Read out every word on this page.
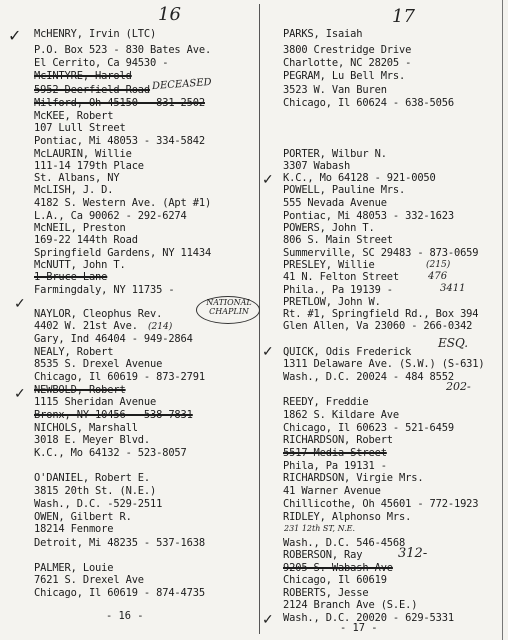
16	17
✓
✓
✓
✓
✓
✓
McHENRY, Irvin (LTC)
P.O. Box 523 - 830 Bates Ave.
El Cerrito, Ca 94530 -
McINTYRE, Harold
5952 Deerfield Road
Milford, Oh 45150 - 831-2502
McKEE, Robert
107 Lull Street
Pontiac, Mi 48053 - 334-5842
McLAURIN, Willie
111-14 179th Place
St. Albans, NY
McLISH, J. D.
4182 S. Western Ave. (Apt #1)
L.A., Ca 90062 - 292-6274
McNEIL, Preston
169-22 144th Road
Springfield Gardens, NY 11434
McNUTT, John T.
1 Bruce Lane
Farmingdaly, NY 11735 -
NAYLOR, Cleophus Rev.
4402 W. 21st Ave.
Gary, Ind 46404 - 949-2864
NEALY, Robert
8535 S. Drexel Avenue
Chicago, Il 60619 - 873-2791
NEWBOLD, Robert
1115 Sheridan Avenue
Bronx, NY 10456 - 538-7831
NICHOLS, Marshall
3018 E. Meyer Blvd.
K.C., Mo 64132 - 523-8057
O'DANIEL, Robert E.
3815 20th St. (N.E.)
Wash., D.C. -529-2511
OWEN, Gilbert R.
18214 Fenmore
Detroit, Mi 48235 - 537-1638
PALMER, Louie
7621 S. Drexel Ave
Chicago, Il 60619 - 874-4735
PARKS, Isaiah
3800 Crestridge Drive
Charlotte, NC 28205 -
PEGRAM, Lu Bell Mrs.
3523 W. Van Buren
Chicago, Il 60624 - 638-5056
PORTER, Wilbur N.
3307 Wabash
K.C., Mo 64128 - 921-0050
POWELL, Pauline Mrs.
555 Nevada Avenue
Pontiac, Mi 48053 - 332-1623
POWERS, John T.
806 S. Main Street
Summerville, SC 29483 - 873-0659
PRESLEY, Willie
41 N. Felton Street
Phila., Pa 19139 -
PRETLOW, John W.
Rt. #1, Springfield Rd., Box 394
Glen Allen, Va 23060 - 266-0342
QUICK, Odis Frederick
1311 Delaware Ave. (S.W.) (S-631)
Wash., D.C. 20024 - 484 8552
REEDY, Freddie
1862 S. Kildare Ave
Chicago, Il 60623 - 521-6459
RICHARDSON, Robert
5517 Media Street
Phila, Pa 19131 -
RICHARDSON, Virgie Mrs.
41 Warner Avenue
Chillicothe, Oh 45601 - 772-1923
RIDLEY, Alphonso Mrs.
Wash., D.C. 546-4568
ROBERSON, Ray
9205 S. Wabash Ave
Chicago, Il 60619
ROBERTS, Jesse
2124 Branch Ave (S.E.)
Wash., D.C. 20020 - 629-5331
DECEASED
NATIONAL CHAPLIN
(214)
ESQ.
(215)
476
3411
202-
312-
231 12th ST, N.E.
- 16 -
- 17 -
